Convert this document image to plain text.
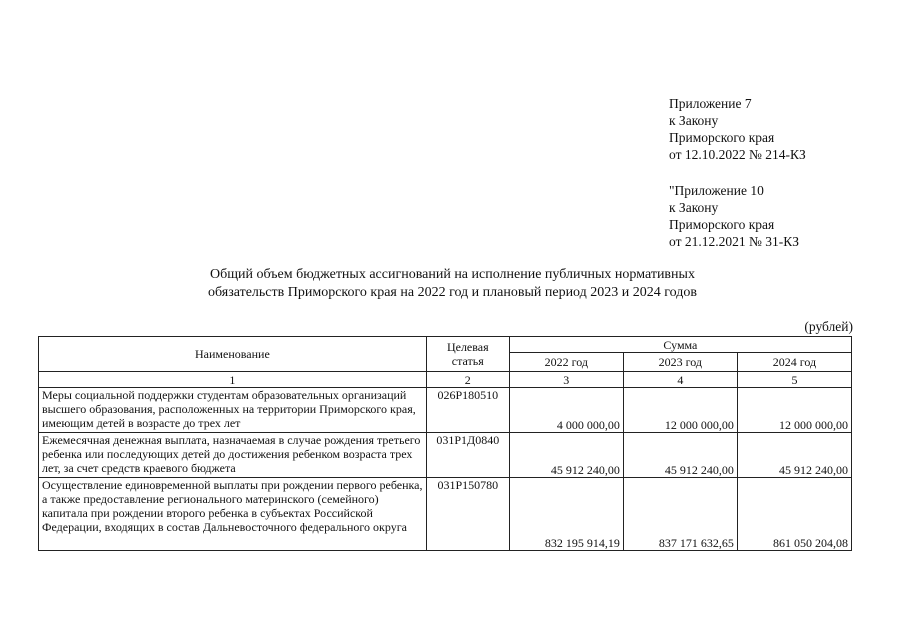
Приложение 7
к Закону
Приморского края
от 12.10.2022 № 214-КЗ
"Приложение 10
к Закону
Приморского края
от 21.12.2021 № 31-КЗ
Общий объем бюджетных ассигнований на исполнение публичных нормативных
обязательств Приморского края на 2022 год и плановый период 2023 и 2024 годов
(рублей)
Наименование	Целевая статья	Сумма		
		2022 год	2023 год	2024 год
1	2	3	4	5
Меры социальной поддержки студентам образовательных организаций высшего образования, расположенных на территории Приморского края, имеющим детей в возрасте до трех лет	026Р180510	4 000 000,00	12 000 000,00	12 000 000,00
Ежемесячная денежная выплата, назначаемая в случае рождения третьего ребенка или последующих детей до достижения ребенком возраста трех лет, за счет средств краевого бюджета	031Р1Д0840	45 912 240,00	45 912 240,00	45 912 240,00
Осуществление единовременной выплаты при рождении первого ребенка, а также предоставление регионального материнского (семейного) капитала при рождении второго ребенка в субъектах Российской Федерации, входящих в состав Дальневосточного федерального округа	031Р150780	832 195 914,19	837 171 632,65	861 050 204,08
